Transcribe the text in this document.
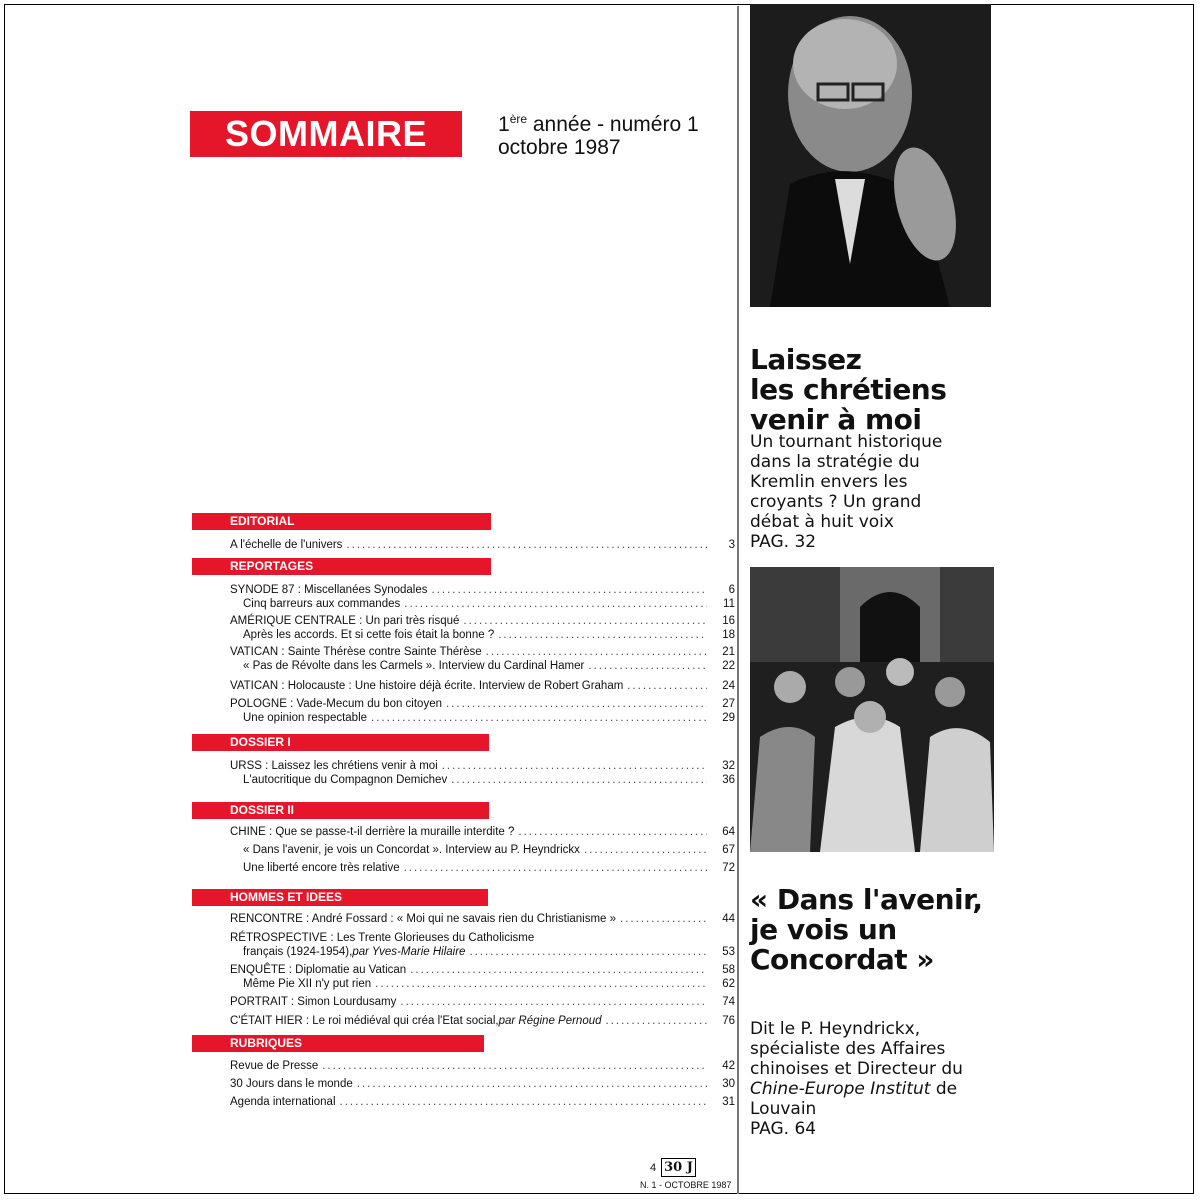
SOMMAIRE	1ère année - numéro 1
octobre 1987
Laissez
les chrétiens
venir à moi
Un tournant historique
dans la stratégie du
Kremlin envers les
croyants ? Un grand
débat à huit voix
PAG. 32
« Dans l'avenir,
je vois un
Concordat »
Dit le P. Heyndrickx,
spécialiste des Affaires
chinoises et Directeur du
Chine-Europe Institut de
Louvain
PAG. 64
EDITORIAL
REPORTAGES
DOSSIER I
DOSSIER II
HOMMES ET IDEES
RUBRIQUES
A l'échelle de l'univers .....	3
SYNODE 87 : Miscellanées Synodales .....	6
Cinq barreurs aux commandes .....	11
AMÉRIQUE CENTRALE : Un pari très risqué .....	16
Après les accords. Et si cette fois était la bonne ? .....	18
VATICAN : Sainte Thérèse contre Sainte Thérèse .....	21
« Pas de Révolte dans les Carmels ». Interview du Cardinal Hamer .....	22
VATICAN : Holocauste : Une histoire déjà écrite. Interview de Robert Graham .....	24
POLOGNE : Vade-Mecum du bon citoyen .....	27
Une opinion respectable .....	29
URSS : Laissez les chrétiens venir à moi .....	32
L'autocritique du Compagnon Demichev .....	36
CHINE : Que se passe-t-il derrière la muraille interdite ? .....	64
« Dans l'avenir, je vois un Concordat ». Interview au P. Heyndrickx .....	67
Une liberté encore très relative .....	72
RENCONTRE : André Fossard : « Moi qui ne savais rien du Christianisme » .....	44
RÉTROSPECTIVE : Les Trente Glorieuses du Catholicisme
français (1924-1954), par Yves-Marie Hilaire .....	53
ENQUÊTE : Diplomatie au Vatican .....	58
Même Pie XII n'y put rien .....	62
PORTRAIT : Simon Lourdusamy .....	74
C'ÉTAIT HIER : Le roi médiéval qui créa l'Etat social, par Régine Pernoud .....	76
Revue de Presse .....	42
30 Jours dans le monde .....	30
Agenda international .....	31
4 30 J
N. 1 - OCTOBRE 1987
